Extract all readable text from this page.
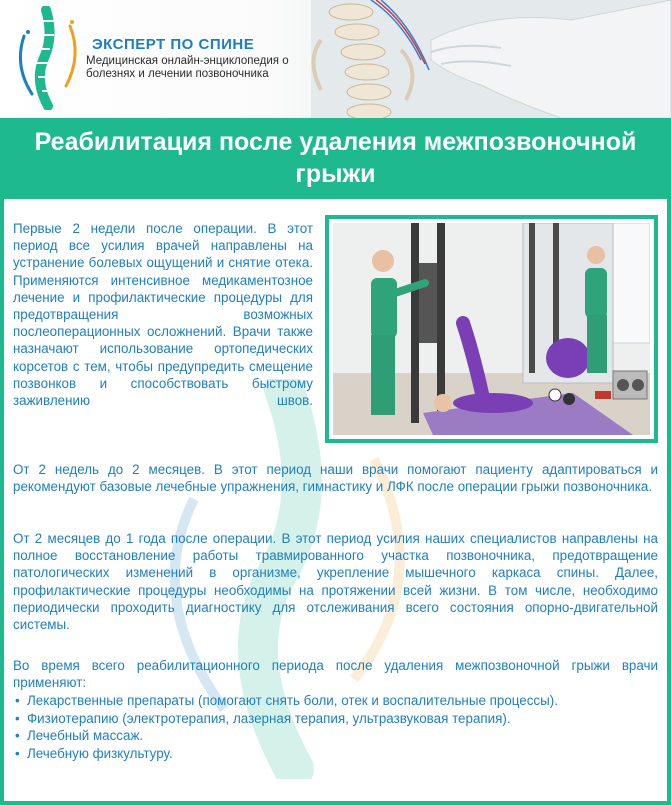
ЭКСПЕРТ ПО СПИНЕ
Медицинская онлайн-энциклопедия о болезнях и лечении позвоночника
Реабилитация после удаления межпозвоночной грыжи
Первые 2 недели после операции. В этот период все усилия врачей направлены на устранение болевых ощущений и снятие отека. Применяются интенсивное медикаментозное лечение и профилактические процедуры для предотвращения возможных послеоперационных осложнений. Врачи также назначают использование ортопедических корсетов с тем, чтобы предупредить смещение позвонков и способствовать быстрому заживлению швов.
От 2 недель до 2 месяцев. В этот период наши врачи помогают пациенту адаптироваться и рекомендуют базовые лечебные упражнения, гимнастику и ЛФК после операции грыжи позвоночника.
От 2 месяцев до 1 года после операции. В этот период усилия наших специалистов направлены на полное восстановление работы травмированного участка позвоночника, предотвращение патологических изменений в организме, укрепление мышечного каркаса спины. Далее, профилактические процедуры необходимы на протяжении всей жизни. В том числе, необходимо периодически проходить диагностику для отслеживания всего состояния опорно-двигательной системы.
Во время всего реабилитационного периода после удаления межпозвоночной грыжи врачи применяют:
• Лекарственные препараты (помогают снять боли, отек и воспалительные процессы).
• Физиотерапию (электротерапия, лазерная терапия, ультразвуковая терапия).
• Лечебный массаж.
• Лечебную физкультуру.
